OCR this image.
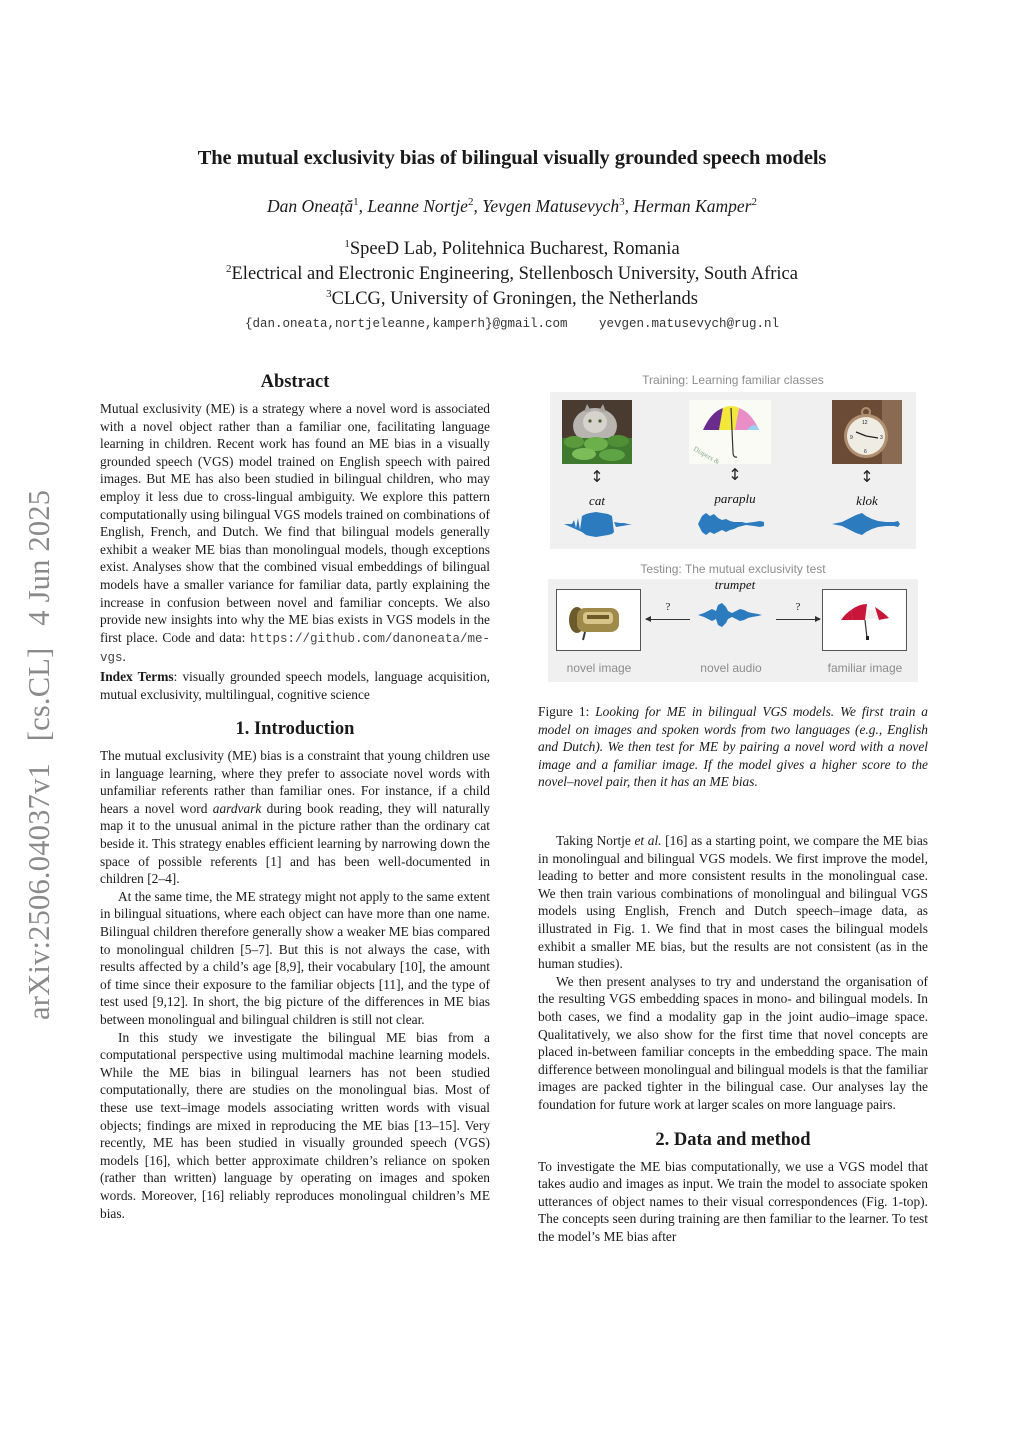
arXiv:2506.04037v1 [cs.CL] 4 Jun 2025
The mutual exclusivity bias of bilingual visually grounded speech models
Dan Oneață$^1$, Leanne Nortje$^2$, Yevgen Matusevych$^3$, Herman Kamper$^2$
$^1$SpeeD Lab, Politehnica Bucharest, Romania
$^2$Electrical and Electronic Engineering, Stellenbosch University, South Africa
$^3$CLCG, University of Groningen, the Netherlands
{dan.oneata,nortjeleanne,kamperh}@gmail.com	yevgen.matusevych@rug.nl
Abstract

Mutual exclusivity (ME) is a strategy where a novel word is associated with a novel object rather than a familiar one, facilitating language learning in children. Recent work has found an ME bias in a visually grounded speech (VGS) model trained on English speech with paired images. But ME has also been studied in bilingual children, who may employ it less due to cross-lingual ambiguity. We explore this pattern computationally using bilingual VGS models trained on combinations of English, French, and Dutch. We find that bilingual models generally exhibit a weaker ME bias than monolingual models, though exceptions exist. Analyses show that the combined visual embeddings of bilingual models have a smaller variance for familiar data, partly explaining the increase in confusion between novel and familiar concepts. We also provide new insights into why the ME bias exists in VGS models in the first place. Code and data: https://github.com/danoneata/me-vgs.

Index Terms: visually grounded speech models, language acquisition, mutual exclusivity, multilingual, cognitive science

1. Introduction

The mutual exclusivity (ME) bias is a constraint that young children use in language learning, where they prefer to associate novel words with unfamiliar referents rather than familiar ones. For instance, if a child hears a novel word aardvark during book reading, they will naturally map it to the unusual animal in the picture rather than the ordinary cat beside it. This strategy enables efficient learning by narrowing down the space of possible referents [1] and has been well-documented in children [2–4].

At the same time, the ME strategy might not apply to the same extent in bilingual situations, where each object can have more than one name. Bilingual children therefore generally show a weaker ME bias compared to monolingual children [5–7]. But this is not always the case, with results affected by a child’s age [8,9], their vocabulary [10], the amount of time since their exposure to the familiar objects [11], and the type of test used [9,12]. In short, the big picture of the differences in ME bias between monolingual and bilingual children is still not clear.

In this study we investigate the bilingual ME bias from a computational perspective using multimodal machine learning models. While the ME bias in bilingual learners has not been studied computationally, there are studies on the monolingual bias. Most of these use text–image models associating written words with visual objects; findings are mixed in reproducing the ME bias [13–15]. Very recently, ME has been studied in visually grounded speech (VGS) models [16], which better approximate children’s reliance on spoken (rather than written) language by operating on images and spoken words. Moreover, [16] reliably reproduces monolingual children’s ME bias.

Training: Learning familiar classes
Diapers &
12
9	3
6
↕	↕	↕
cat	paraplu	klok
Testing: The mutual exclusivity test
?
trumpet
?
novel image	novel audio	familiar image
Figure 1: Looking for ME in bilingual VGS models. We first train a model on images and spoken words from two languages (e.g., English and Dutch). We then test for ME by pairing a novel word with a novel image and a familiar image. If the model gives a higher score to the novel–novel pair, then it has an ME bias.

Taking Nortje et al. [16] as a starting point, we compare the ME bias in monolingual and bilingual VGS models. We first improve the model, leading to better and more consistent results in the monolingual case. We then train various combinations of monolingual and bilingual VGS models using English, French and Dutch speech–image data, as illustrated in Fig. 1. We find that in most cases the bilingual models exhibit a smaller ME bias, but the results are not consistent (as in the human studies).

We then present analyses to try and understand the organisation of the resulting VGS embedding spaces in mono- and bilingual models. In both cases, we find a modality gap in the joint audio–image space. Qualitatively, we also show for the first time that novel concepts are placed in-between familiar concepts in the embedding space. The main difference between monolingual and bilingual models is that the familiar images are packed tighter in the bilingual case. Our analyses lay the foundation for future work at larger scales on more language pairs.

2. Data and method

To investigate the ME bias computationally, we use a VGS model that takes audio and images as input. We train the model to associate spoken utterances of object names to their visual correspondences (Fig. 1-top). The concepts seen during training are then familiar to the learner. To test the model’s ME bias after
